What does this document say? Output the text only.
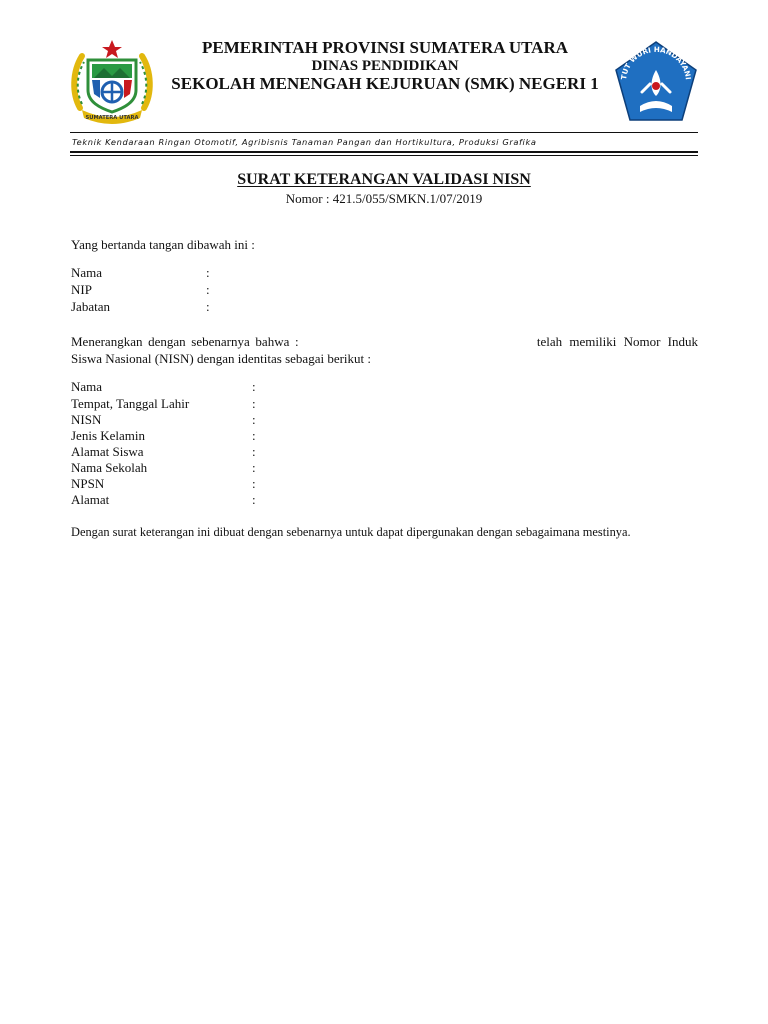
SUMATERA UTARA
PEMERINTAH PROVINSI SUMATERA UTARA
DINAS PENDIDIKAN
SEKOLAH MENENGAH KEJURUAN (SMK) NEGERI 1	TUT WURI HANDAYANI
Teknik Kendaraan Ringan Otomotif, Agribisnis Tanaman Pangan dan Hortikultura, Produksi Grafika
SURAT KETERANGAN VALIDASI NISN
Nomor : 421.5/055/SMKN.1/07/2019
Yang bertanda tangan dibawah ini :
Nama	:
NIP	:
Jabatan	:
Menerangkan dengan sebenarnya bahwa :	telah memiliki Nomor Induk
Siswa Nasional (NISN) dengan identitas sebagai berikut :
Nama	:
Tempat, Tanggal Lahir	:
NISN	:
Jenis Kelamin	:
Alamat Siswa	:
Nama Sekolah	:
NPSN	:
Alamat	:
Dengan surat keterangan ini dibuat dengan sebenarnya untuk dapat dipergunakan dengan sebagaimana mestinya.
